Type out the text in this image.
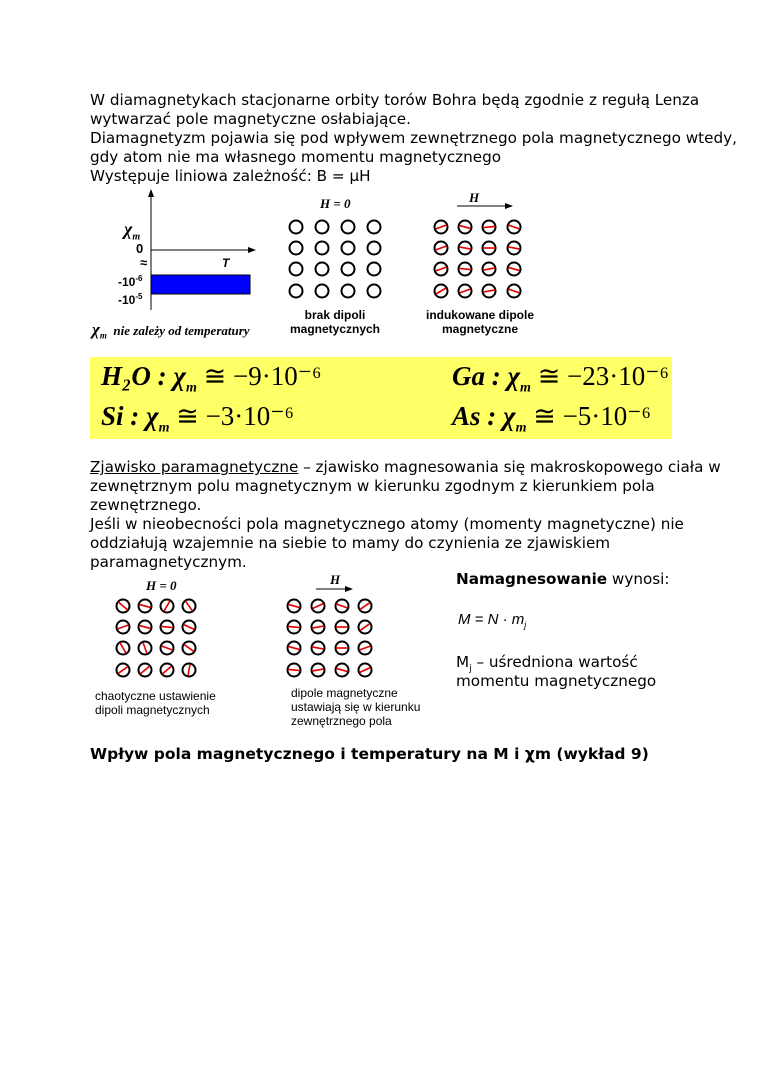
W diamagnetykach stacjonarne orbity torów Bohra będą zgodnie z regułą Lenza
wytwarzać pole magnetyczne osłabiające.
Diamagnetyzm pojawia się pod wpływem zewnętrznego pola magnetycznego wtedy,
gdy atom nie ma własnego momentu magnetycznego
Występuje liniowa zależność: B = μH
$\chi_m$
0
≈	T
$-10^{-6}$
$-10^{-5}$
$\chi_m$ nie zależy od temperatury
H = 0
brak dipoli
magnetycznych
H
indukowane dipole
magnetyczne
H₂O : $\chi_m$ ≅ −9·10⁻⁶	Ga : $\chi_m$ ≅ −23·10⁻⁶
Si : $\chi_m$ ≅ −3·10⁻⁶	As : $\chi_m$ ≅ −5·10⁻⁶
Zjawisko paramagnetyczne – zjawisko magnesowania się makroskopowego ciała w
zewnętrznym polu magnetycznym w kierunku zgodnym z kierunkiem pola
zewnętrznego.
Jeśli w nieobecności pola magnetycznego atomy (momenty magnetyczne) nie
oddziałują wzajemnie na siebie to mamy do czynienia ze zjawiskiem
paramagnetycznym.
H = 0
chaotyczne ustawienie
dipoli magnetycznych
H
dipole magnetyczne
ustawiają się w kierunku
zewnętrznego pola
Namagnesowanie wynosi:
$M = N \cdot m_j$
$M_j$ – uśredniona wartość
momentu magnetycznego
Wpływ pola magnetycznego i temperatury na M i χm (wykład 9)
